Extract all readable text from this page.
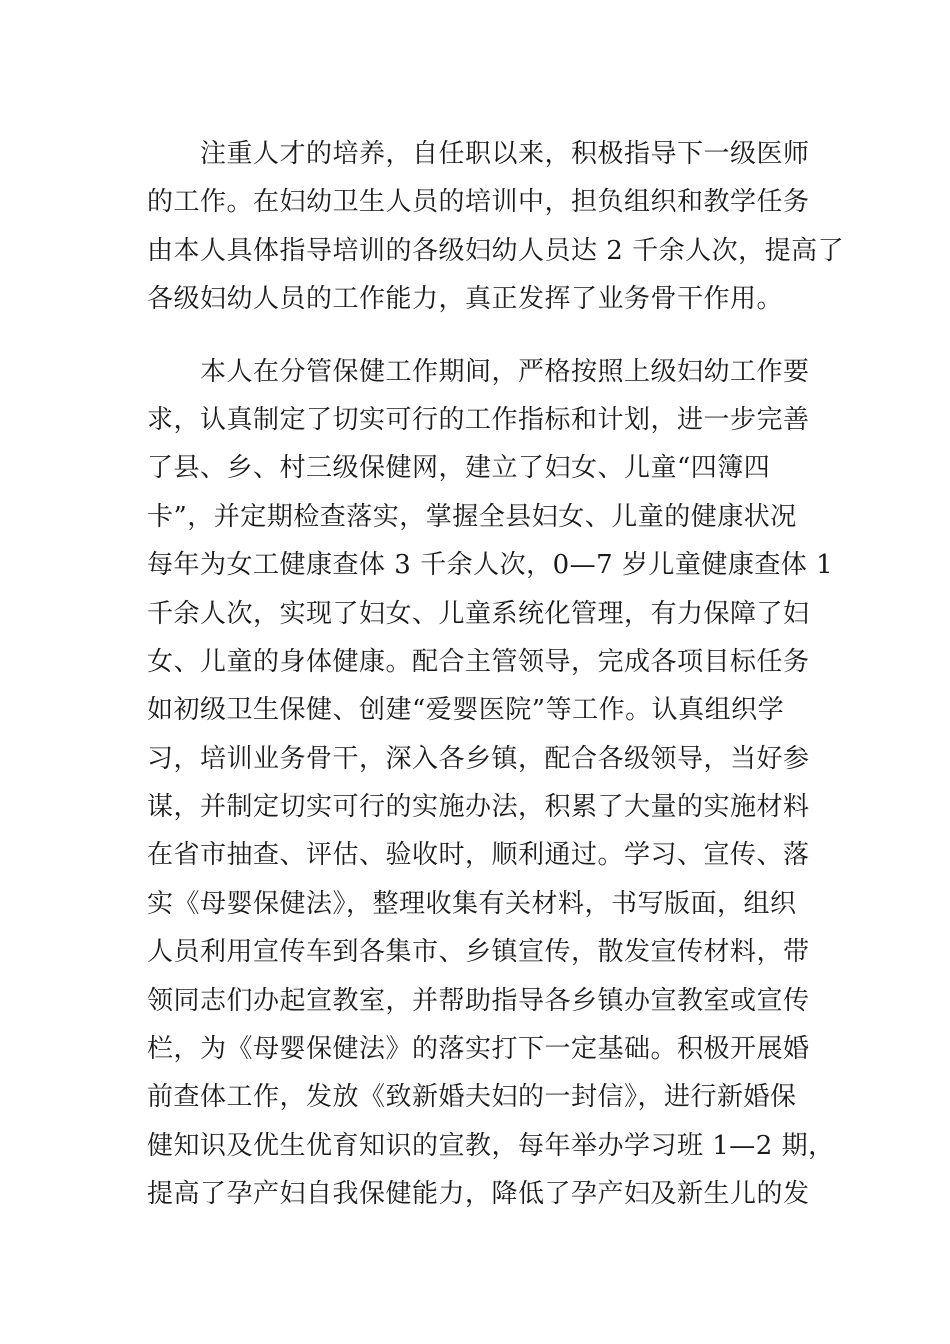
　　注重人才的培养，自任职以来，积极指导下一级医师
的工作。在妇幼卫生人员的培训中，担负组织和教学任务
由本人具体指导培训的各级妇幼人员达 2 千余人次，提高了
各级妇幼人员的工作能力，真正发挥了业务骨干作用。
　　本人在分管保健工作期间，严格按照上级妇幼工作要
求，认真制定了切实可行的工作指标和计划，进一步完善
了县、乡、村三级保健网，建立了妇女、儿童“四簿四
卡”，并定期检查落实，掌握全县妇女、儿童的健康状况
每年为女工健康查体 3 千余人次，0—7 岁儿童健康查体 1
千余人次，实现了妇女、儿童系统化管理，有力保障了妇
女、儿童的身体健康。配合主管领导，完成各项目标任务
如初级卫生保健、创建“爱婴医院”等工作。认真组织学
习，培训业务骨干，深入各乡镇，配合各级领导，当好参
谋，并制定切实可行的实施办法，积累了大量的实施材料
在省市抽查、评估、验收时，顺利通过。学习、宣传、落
实《母婴保健法》，整理收集有关材料，书写版面，组织
人员利用宣传车到各集市、乡镇宣传，散发宣传材料，带
领同志们办起宣教室，并帮助指导各乡镇办宣教室或宣传
栏，为《母婴保健法》的落实打下一定基础。积极开展婚
前查体工作，发放《致新婚夫妇的一封信》，进行新婚保
健知识及优生优育知识的宣教，每年举办学习班 1—2 期，
提高了孕产妇自我保健能力，降低了孕产妇及新生儿的发
